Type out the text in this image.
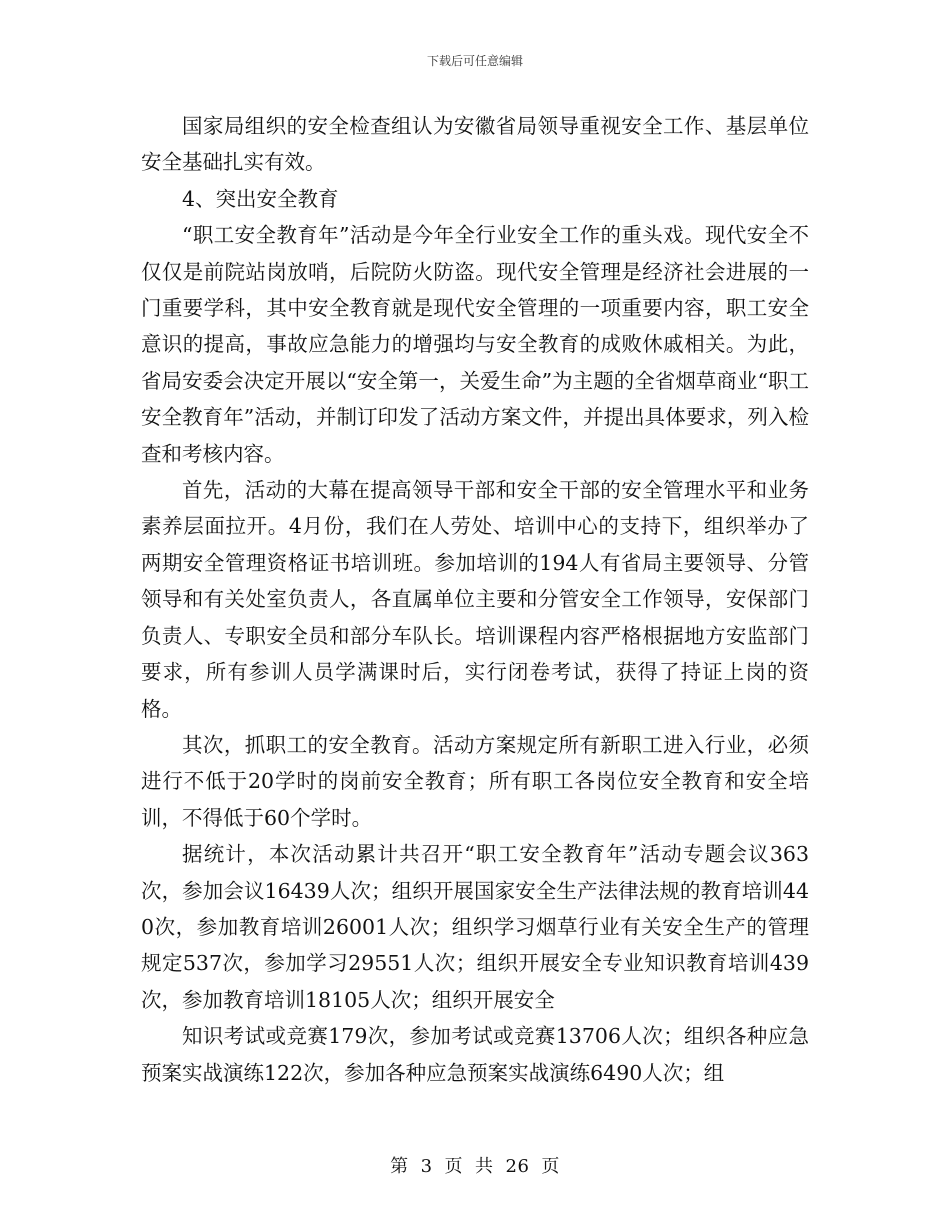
下载后可任意编辑

国家局组织的安全检查组认为安徽省局领导重视安全工作、基层单位安全基础扎实有效。

4、突出安全教育

“职工安全教育年”活动是今年全行业安全工作的重头戏。现代安全不仅仅是前院站岗放哨，后院防火防盗。现代安全管理是经济社会进展的一门重要学科，其中安全教育就是现代安全管理的一项重要内容，职工安全意识的提高，事故应急能力的增强均与安全教育的成败休戚相关。为此，省局安委会决定开展以“安全第一，关爱生命”为主题的全省烟草商业“职工安全教育年”活动，并制订印发了活动方案文件，并提出具体要求，列入检查和考核内容。

首先，活动的大幕在提高领导干部和安全干部的安全管理水平和业务素养层面拉开。4月份，我们在人劳处、培训中心的支持下，组织举办了两期安全管理资格证书培训班。参加培训的194人有省局主要领导、分管领导和有关处室负责人，各直属单位主要和分管安全工作领导，安保部门负责人、专职安全员和部分车队长。培训课程内容严格根据地方安监部门要求，所有参训人员学满课时后，实行闭卷考试，获得了持证上岗的资格。

其次，抓职工的安全教育。活动方案规定所有新职工进入行业，必须进行不低于20学时的岗前安全教育；所有职工各岗位安全教育和安全培训，不得低于60个学时。

据统计，本次活动累计共召开“职工安全教育年”活动专题会议363次，参加会议16439人次；组织开展国家安全生产法律法规的教育培训440次，参加教育培训26001人次；组织学习烟草行业有关安全生产的管理规定537次，参加学习29551人次；组织开展安全专业知识教育培训439次，参加教育培训18105人次；组织开展安全

知识考试或竞赛179次，参加考试或竞赛13706人次；组织各种应急预案实战演练122次，参加各种应急预案实战演练6490人次；组

第 3 页 共 26 页
